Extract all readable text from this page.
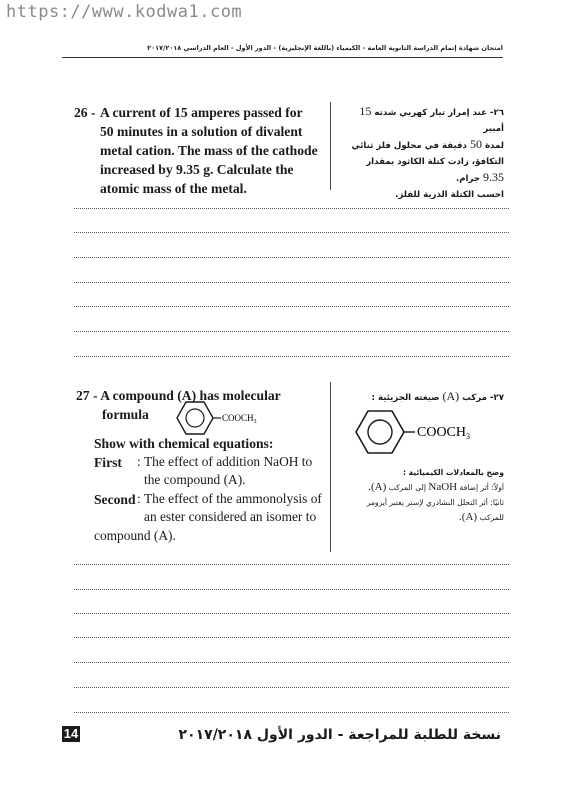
https://www.kodwa1.com
امتحان شهادة إتمام الدراسة الثانوية العامة - الكيمياء (باللغة الإنجليزية) - الدور الأول - العام الدراسي ٢٠١٧/٢٠١٨
26 - A current of 15 amperes passed for
50 minutes in a solution of divalent
metal cation. The mass of the cathode
increased by 9.35 g. Calculate the
atomic mass of the metal.
٢٦- عند إمرار تيار كهربي شدته 15 أمبير
لمدة 50 دقيقة في محلول فلز ثنائي
التكافؤ، زادت كتلة الكاثود بمقدار
9.35 جرام.
احسب الكتلة الذرية للفلز.
27 - A compound (A) has molecular
formula
Show with chemical equations:
First	: The effect of addition NaOH to
the compound (A).
Second : The effect of the ammonolysis of
an ester considered an isomer to
compound (A).
$COOCH_3$
٢٧- مركب (A) صيغته الجزيئية :
وضح بالمعادلات الكيميائية :
أولاً: أثر إضافة NaOH إلى المركب (A).
ثانيًا: أثر التحلل النشادري لإستر يعتبر أيزومر
للمركب (A).
$COOCH_3$
14	نسخة للطلبة للمراجعة - الدور الأول ٢٠١٧/٢٠١٨
